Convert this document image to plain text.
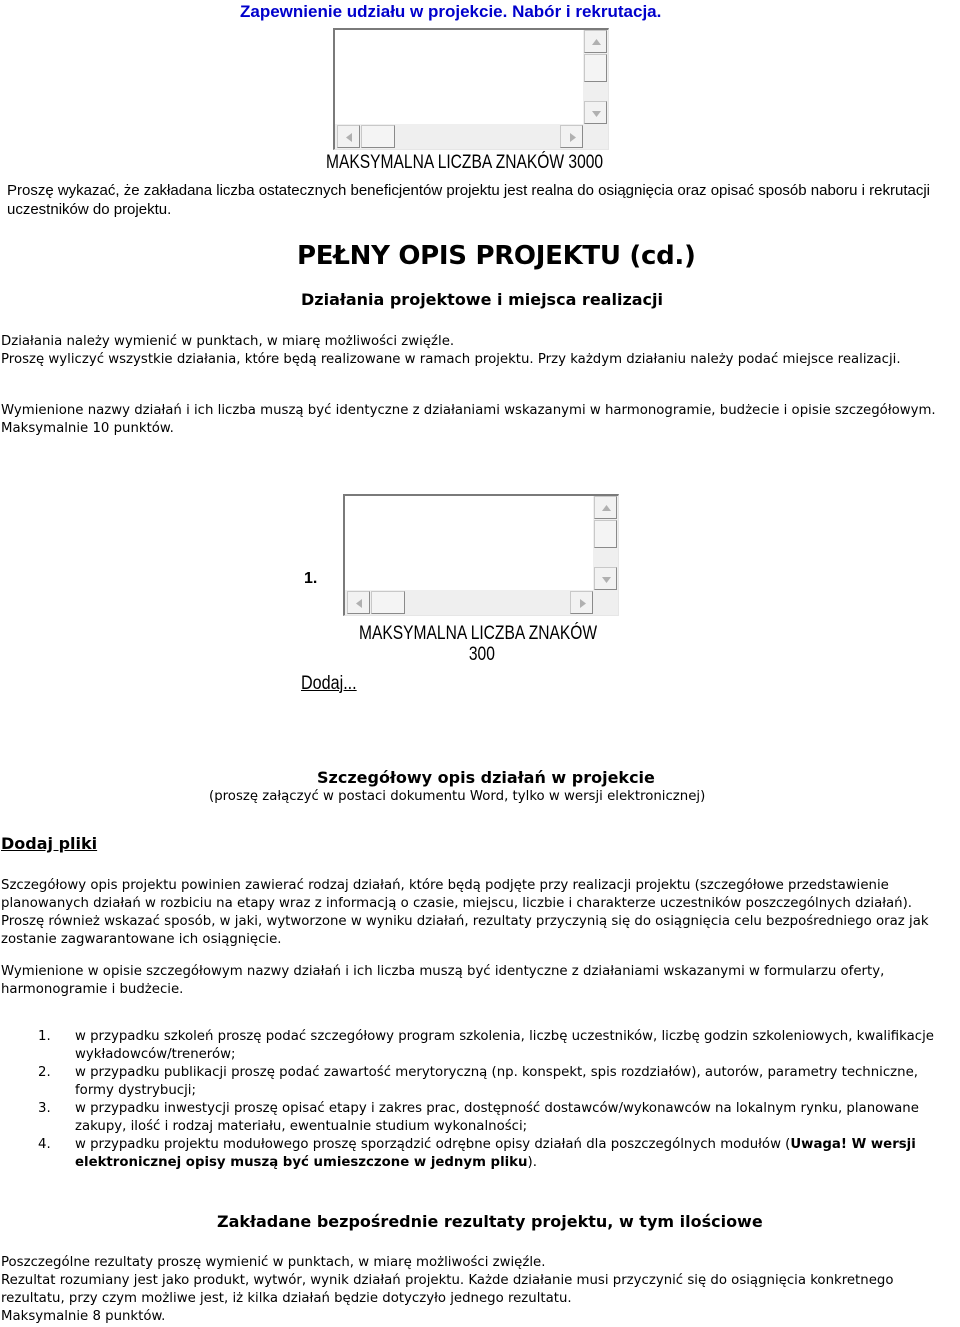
Zapewnienie udziału w projekcie. Nabór i rekrutacja.
MAKSYMALNA LICZBA ZNAKÓW 3000
Proszę wykazać, że zakładana liczba ostatecznych beneficjentów projektu jest realna do osiągnięcia oraz opisać sposób naboru i rekrutacji uczestników do projektu.
PEŁNY OPIS PROJEKTU (cd.)
Działania projektowe i miejsca realizacji
Działania należy wymienić w punktach, w miarę możliwości zwięźle.
Proszę wyliczyć wszystkie działania, które będą realizowane w ramach projektu. Przy każdym działaniu należy podać miejsce realizacji.
Wymienione nazwy działań i ich liczba muszą być identyczne z działaniami wskazanymi w harmonogramie, budżecie i opisie szczegółowym.
Maksymalnie 10 punktów.
1.
MAKSYMALNA LICZBA ZNAKÓW
300
Dodaj...
Szczegółowy opis działań w projekcie
(proszę załączyć w postaci dokumentu Word, tylko w wersji elektronicznej)
Dodaj pliki
Szczegółowy opis projektu powinien zawierać rodzaj działań, które będą podjęte przy realizacji projektu (szczegółowe przedstawienie planowanych działań w rozbiciu na etapy wraz z informacją o czasie, miejscu, liczbie i charakterze uczestników poszczególnych działań). Proszę również wskazać sposób, w jaki, wytworzone w wyniku działań, rezultaty przyczynią się do osiągnięcia celu bezpośredniego oraz jak zostanie zagwarantowane ich osiągnięcie.
Wymienione w opisie szczegółowym nazwy działań i ich liczba muszą być identyczne z działaniami wskazanymi w formularzu oferty, harmonogramie i budżecie.
1. w przypadku szkoleń proszę podać szczegółowy program szkolenia, liczbę uczestników, liczbę godzin szkoleniowych, kwalifikacje wykładowców/trenerów;
2. w przypadku publikacji proszę podać zawartość merytoryczną (np. konspekt, spis rozdziałów), autorów, parametry techniczne, formy dystrybucji;
3. w przypadku inwestycji proszę opisać etapy i zakres prac, dostępność dostawców/wykonawców na lokalnym rynku, planowane zakupy, ilość i rodzaj materiału, ewentualnie studium wykonalności;
4. w przypadku projektu modułowego proszę sporządzić odrębne opisy działań dla poszczególnych modułów (Uwaga! W wersji elektronicznej opisy muszą być umieszczone w jednym pliku).
Zakładane bezpośrednie rezultaty projektu, w tym ilościowe
Poszczególne rezultaty proszę wymienić w punktach, w miarę możliwości zwięźle.
Rezultat rozumiany jest jako produkt, wytwór, wynik działań projektu. Każde działanie musi przyczynić się do osiągnięcia konkretnego rezultatu, przy czym możliwe jest, iż kilka działań będzie dotyczyło jednego rezultatu.
Maksymalnie 8 punktów.
